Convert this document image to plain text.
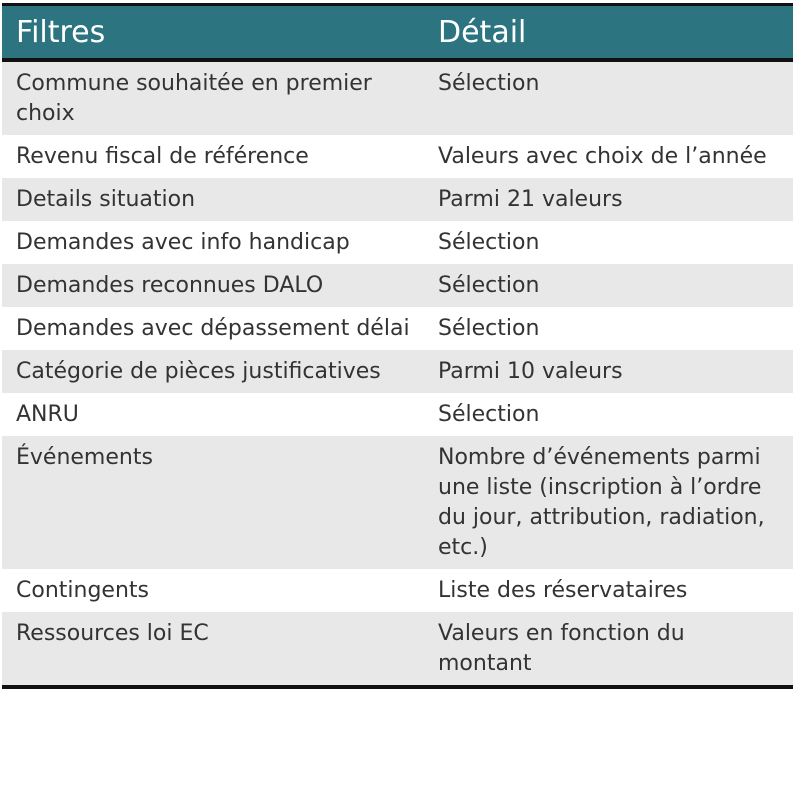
Filtres	Détail
Commune souhaitée en premier choix	Sélection
Revenu fiscal de référence	Valeurs avec choix de l’année
Details situation	Parmi 21 valeurs
Demandes avec info handicap	Sélection
Demandes reconnues DALO	Sélection
Demandes avec dépassement délai	Sélection
Catégorie de pièces justificatives	Parmi 10 valeurs
ANRU	Sélection
Événements	Nombre d’événements parmi une liste (inscription à l’ordre du jour, attribution, radiation, etc.)
Contingents	Liste des réservataires
Ressources loi EC	Valeurs en fonction du montant
